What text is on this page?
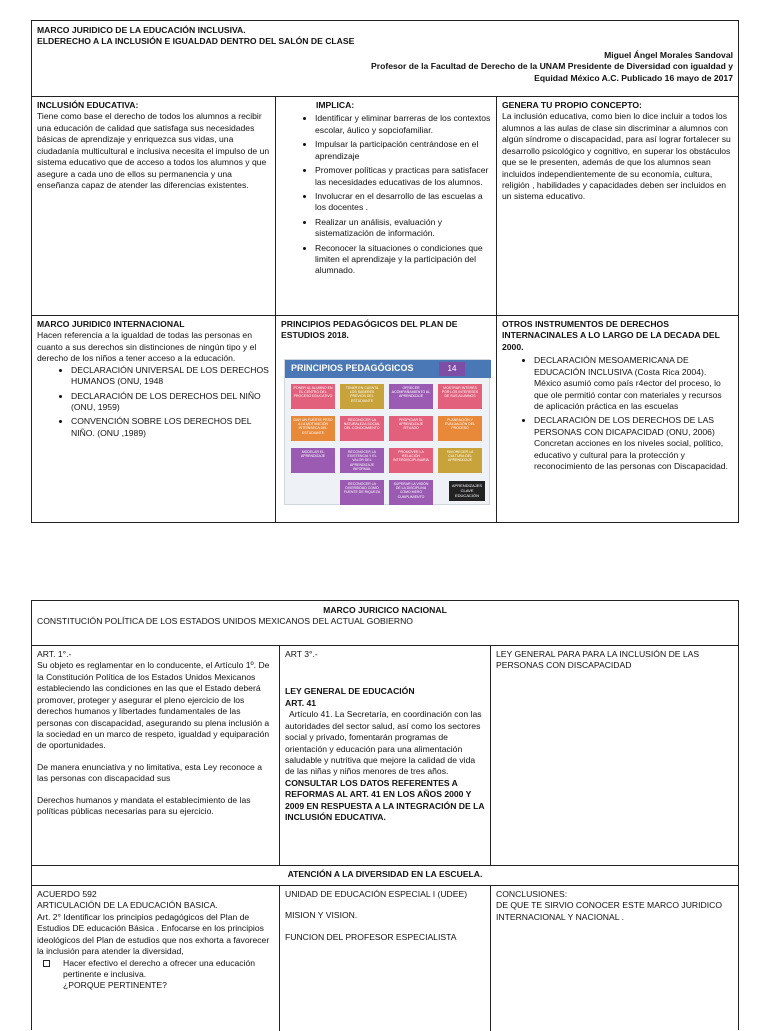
MARCO JURIDICO DE LA EDUCACIÓN INCLUSIVA.

ELDERECHO A LA INCLUSIÓN E IGUALDAD DENTRO DEL SALÓN DE CLASE

Miguel Ángel Morales Sandoval

Profesor de la Facultad de Derecho de la UNAM Presidente de Diversidad con igualdad y

Equidad México A.C. Publicado 16 mayo de 2017

INCLUSIÓN EDUCATIVA:

Tiene como base el derecho de todos los alumnos a recibir una educación de calidad que satisfaga sus necesidades básicas de aprendizaje y enriquezca sus vidas, una ciudadanía multicultural e inclusiva necesita el impulso de un sistema educativo que de acceso a todos los alumnos y que asegure a cada uno de ellos su permanencia y una enseñanza capaz de atender las diferencias existentes.

IMPLICA:

• Identificar y eliminar barreras de los contextos escolar, áulico y sopciofamiliar.
• Impulsar la participación centrándose en el aprendizaje
• Promover políticas y practicas para satisfacer las necesidades educativas de los alumnos.
• Involucrar en el desarrollo de las escuelas a los docentes .
• Realizar un análisis, evaluación y sistematización de información.
• Reconocer la situaciones o condiciones que limiten el aprendizaje y la participación del alumnado.

GENERA TU PROPIO CONCEPTO:

La inclusión educativa, como bien lo dice incluir a todos los alumnos a las aulas de clase sin discriminar a alumnos con algún síndrome o discapacidad, para así lograr fortalecer su desarrollo psicológico y cognitivo, en superar los obstáculos que se le presenten, además de que los alumnos sean incluidos independientemente de su economía, cultura, religión , habilidades y capacidades deben ser incluidos en un sistema educativo.

MARCO JURIDIC0 INTERNACIONAL

Hacen referencia a la igualdad de todas las personas en cuanto a sus derechos sin distinciones de ningún tipo y el derecho de los niños a tener acceso a la educación.

• DECLARACIÓN UNIVERSAL DE LOS DERECHOS HUMANOS (ONU, 1948
• DECLARACIÓN DE LOS DERECHOS DEL NIÑO (ONU, 1959)
• CONVENCIÓN SOBRE LOS DERECHOS DEL NIÑO. (ONU ,1989)

PRINCIPIOS PEDAGÓGICOS DEL PLAN DE ESTUDIOS 2018.

PRINCIPIOS PEDAGÓGICOS	14
PONER AL ALUMNO EN EL CENTRO DEL PROCESO EDUCATIVO
TENER EN CUENTA LOS SABERES PREVIOS DEL ESTUDIANTE
OFRECER ACOMPAÑAMIENTO AL APRENDIZAJE
MOSTRAR INTERÉS POR LOS INTERESES DE SUS ALUMNOS
DAR UN FUERTE PESO A LA MOTIVACIÓN INTRÍNSECA DEL ESTUDIANTE
RECONOCER LA NATURALEZA SOCIAL DEL CONOCIMIENTO
PROPICIAR EL APRENDIZAJE SITUADO
PLANEACIÓN Y EVALUACIÓN DEL PROCESO
MODELAR EL APRENDIZAJE
RECONOCER LA EXISTENCIA Y EL VALOR DEL APRENDIZAJE INFORMAL
PROMOVER LA RELACIÓN INTERDISCIPLINARIA
FAVORECER LA CULTURA DEL APRENDIZAJE
RECONOCER LA DIVERSIDAD COMO FUENTE DE RIQUEZA
SUPERAR LA VISIÓN DE LA DISCIPLINA COMO MERO CUMPLIMIENTO
APRENDIZAJES CLAVE EDUCACIÓN

OTROS INSTRUMENTOS DE DERECHOS INTERNACINALES A LO LARGO DE LA DECADA DEL 2000.

• DECLARACIÓN MESOAMERICANA DE EDUCACIÓN INCLUSIVA (Costa Rica 2004). México asumió como país r4ector del proceso, lo que ole permitió contar con materiales y recursos de aplicación práctica en las escuelas
• DECLARACIÓN DE LOS DERECHOS DE LAS PERSONAS CON DICAPACIDAD (ONU, 2006) Concretan acciones en los niveles social, político, educativo y cultural para la protección y reconocimiento de las personas con Discapacidad.

MARCO JURICICO NACIONAL

CONSTITUCIÓN POLÍTICA DE LOS ESTADOS UNIDOS MEXICANOS DEL ACTUAL GOBIERNO

ART. 1°.-

Su objeto es reglamentar en lo conducente, el Artículo 1º. De la Constitución Política de los Estados Unidos Mexicanos estableciendo las condiciones en las que el Estado deberá promover, proteger y asegurar el pleno ejercicio de los derechos humanos y libertades fundamentales de las personas con discapacidad, asegurando su plena inclusión a la sociedad en un marco de respeto, igualdad y equiparación de oportunidades.

De manera enunciativa y no limitativa, esta Ley reconoce a las personas con discapacidad sus

Derechos humanos y mandata el establecimiento de las políticas públicas necesarias para su ejercicio.

ART 3°.-

LEY GENERAL DE EDUCACIÓN

ART. 41

Artículo 41. La Secretaría, en coordinación con las autoridades del sector salud, así como los sectores social y privado, fomentarán programas de orientación y educación para una alimentación saludable y nutritiva que mejore la calidad de vida de las niñas y niños menores de tres años.

CONSULTAR LOS DATOS REFERENTES A REFORMAS AL ART. 41 EN LOS AÑOS 2000 Y 2009 EN RESPUESTA A LA INTEGRACIÓN DE LA INCLUSIÓN EDUCATIVA.

LEY GENERAL PARA PARA LA INCLUSIÓN DE LAS PERSONAS CON DISCAPACIDAD

ATENCIÓN A LA DIVERSIDAD EN LA ESCUELA.

ACUERDO 592

ARTICULACIÓN DE LA EDUCACIÓN BASICA.

Art. 2° Identificar los principios pedagógicos del Plan de Estudios DE educación Básica . Enfocarse en los principios ideológicos del Plan de estudios que nos exhorta a favorecer la inclusión para atender la diversidad,

Hacer efectivo el derecho a ofrecer una educación pertinente e inclusiva.

¿PORQUE PERTINENTE?

UNIDAD DE EDUCACIÓN ESPECIAL I (UDEE)

MISION Y VISION.

FUNCION DEL PROFESOR ESPECIALISTA

CONCLUSIONES:

DE QUE TE SIRVIO CONOCER ESTE MARCO JURIDICO INTERNACIONAL Y NACIONAL .
